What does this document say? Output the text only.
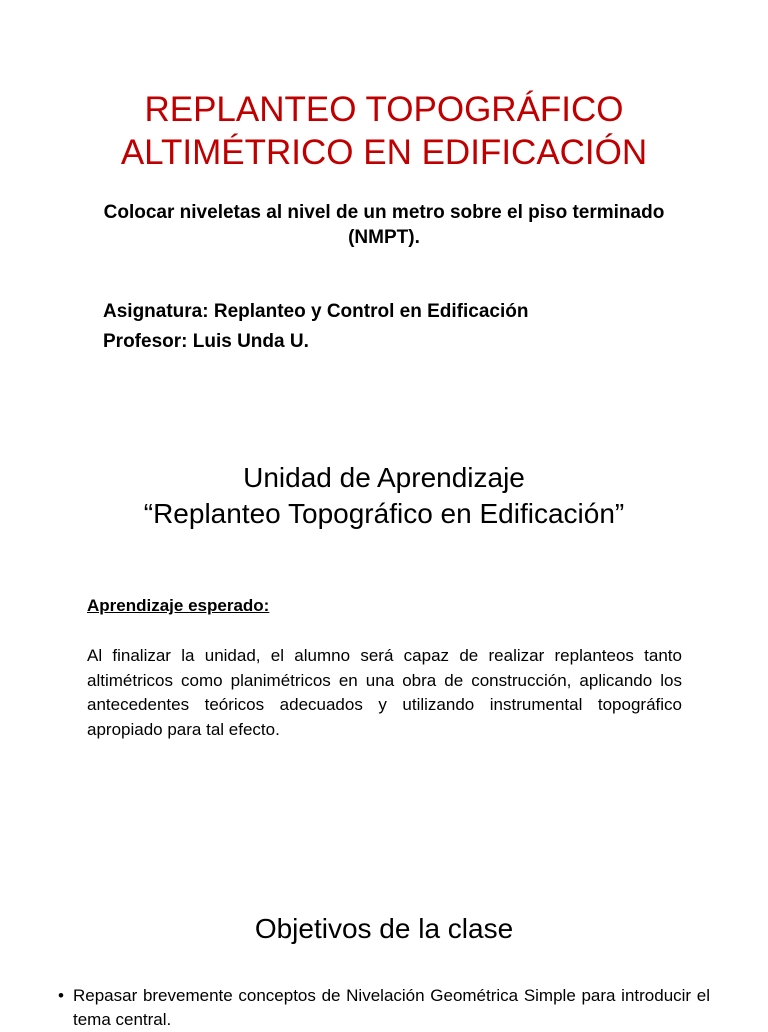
REPLANTEO TOPOGRÁFICO
ALTIMÉTRICO EN EDIFICACIÓN
Colocar niveletas al nivel de un metro sobre el piso terminado (NMPT).
Asignatura: Replanteo y Control en Edificación
Profesor: Luis Unda U.
Unidad de Aprendizaje
“Replanteo Topográfico en Edificación”
Aprendizaje esperado:
Al finalizar la unidad, el alumno será capaz de realizar replanteos tanto altimétricos como planimétricos en una obra de construcción, aplicando los antecedentes teóricos adecuados y utilizando instrumental topográfico apropiado para tal efecto.
Objetivos de la clase
• Repasar brevemente conceptos de Nivelación Geométrica Simple para introducir el tema central.
